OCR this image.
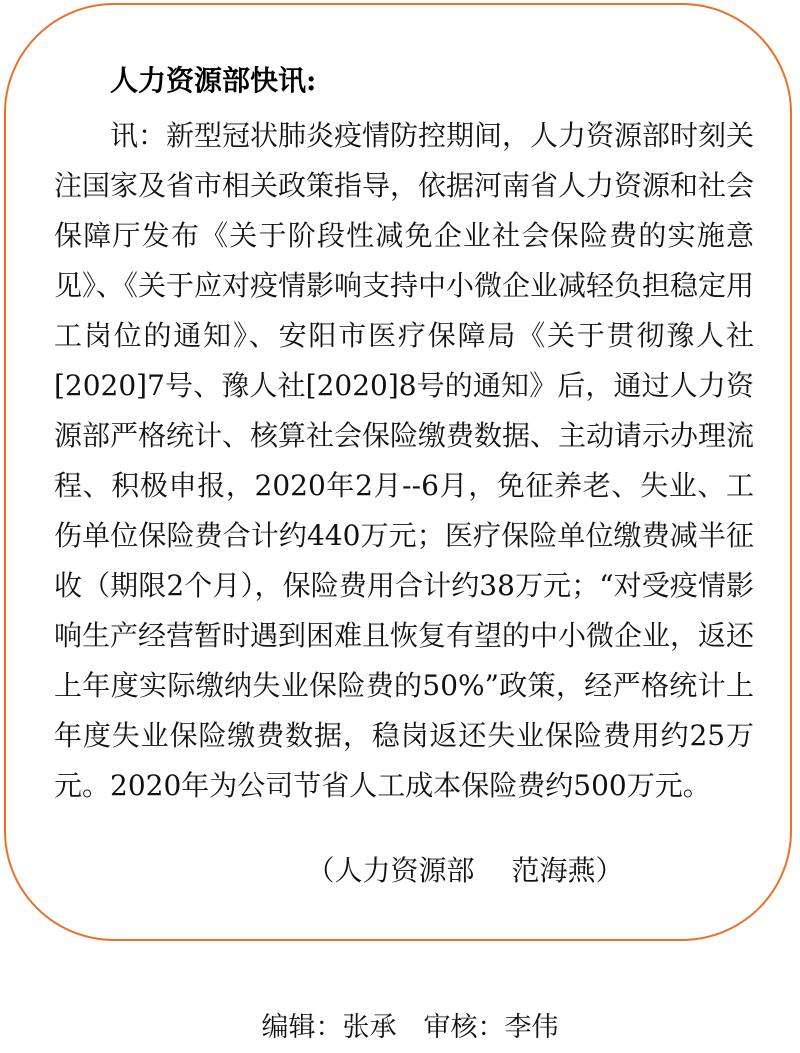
人力资源部快讯:

讯：新型冠状肺炎疫情防控期间，人力资源部时刻关注国家及省市相关政策指导，依据河南省人力资源和社会保障厅发布《关于阶段性减免企业社会保险费的实施意见》、《关于应对疫情影响支持中小微企业减轻负担稳定用工岗位的通知》、安阳市医疗保障局《关于贯彻豫人社[2020]7号、豫人社[2020]8号的通知》后，通过人力资源部严格统计、核算社会保险缴费数据、主动请示办理流程、积极申报，2020年2月--6月，免征养老、失业、工伤单位保险费合计约440万元；医疗保险单位缴费减半征收（期限2个月），保险费用合计约38万元；“对受疫情影响生产经营暂时遇到困难且恢复有望的中小微企业，返还上年度实际缴纳失业保险费的50%”政策，经严格统计上年度失业保险缴费数据，稳岗返还失业保险费用约25万元。2020年为公司节省人工成本保险费约500万元。

（人力资源部　 范海燕）

编辑：张承　审核：李伟
